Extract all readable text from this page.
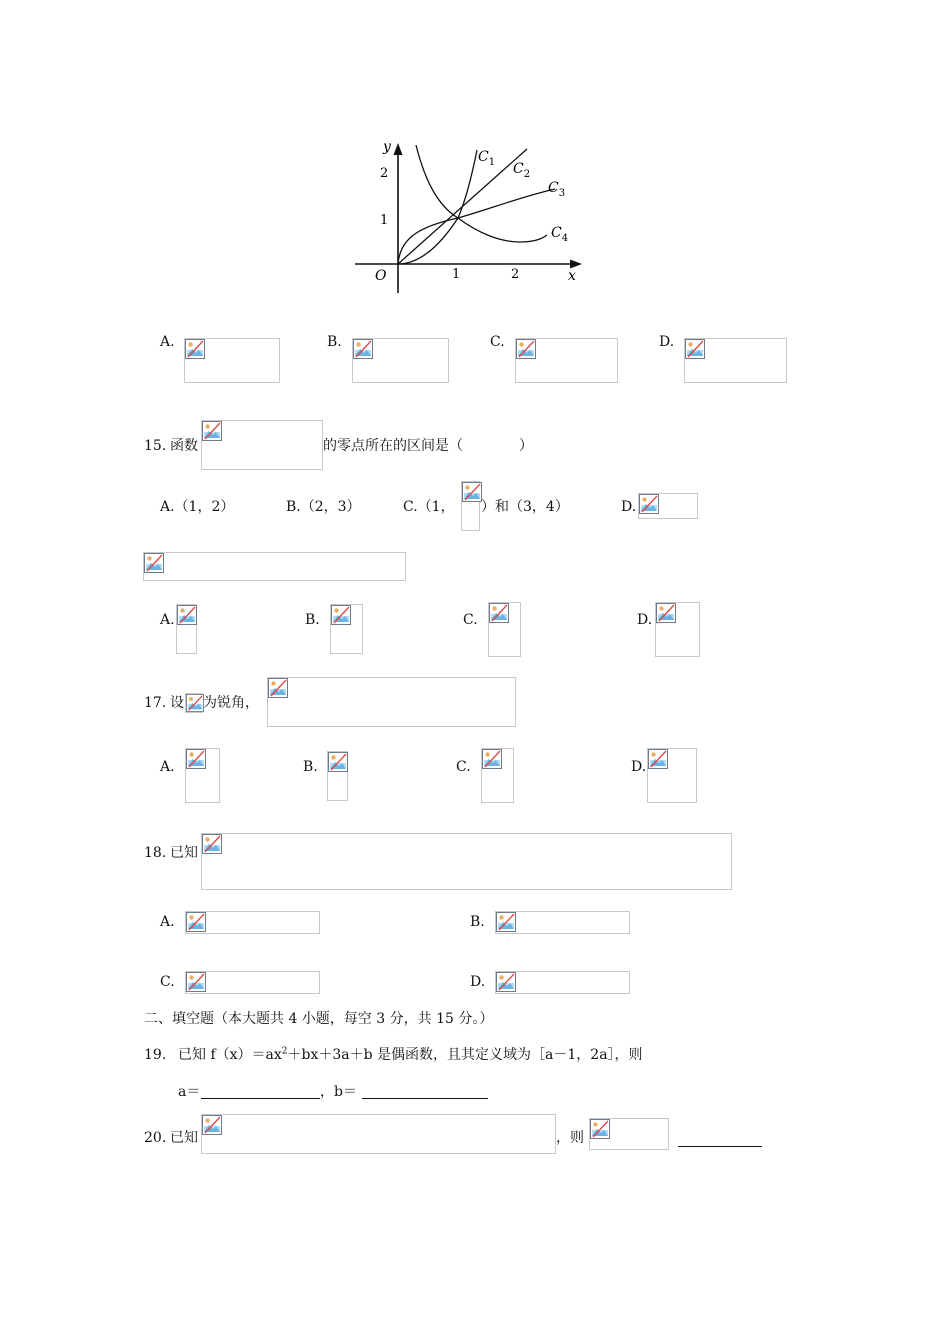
2
1
1	2
O
y
x
$C_1$ $C_2$
$C_3$
$C_4$
A.	B.	C.	D.
15. 函数	的零点所在的区间是（　　　　）
A.（1，2）	B.（2，3）	C.（1， ）和（3，4）	D.
A.	B.	C.	D.
17. 设 为锐角，
A.	B.	C.	D.
18. 已知
A.	B.
C.	D.
二、填空题（本大题共 4 小题，每空 3 分，共 15 分。）
19. 已知 $f(x)=ax^2+bx+3a+b$ 是偶函数，且其定义域为［a－1，2a］，则
a＝	，b＝
20. 已知	，则
